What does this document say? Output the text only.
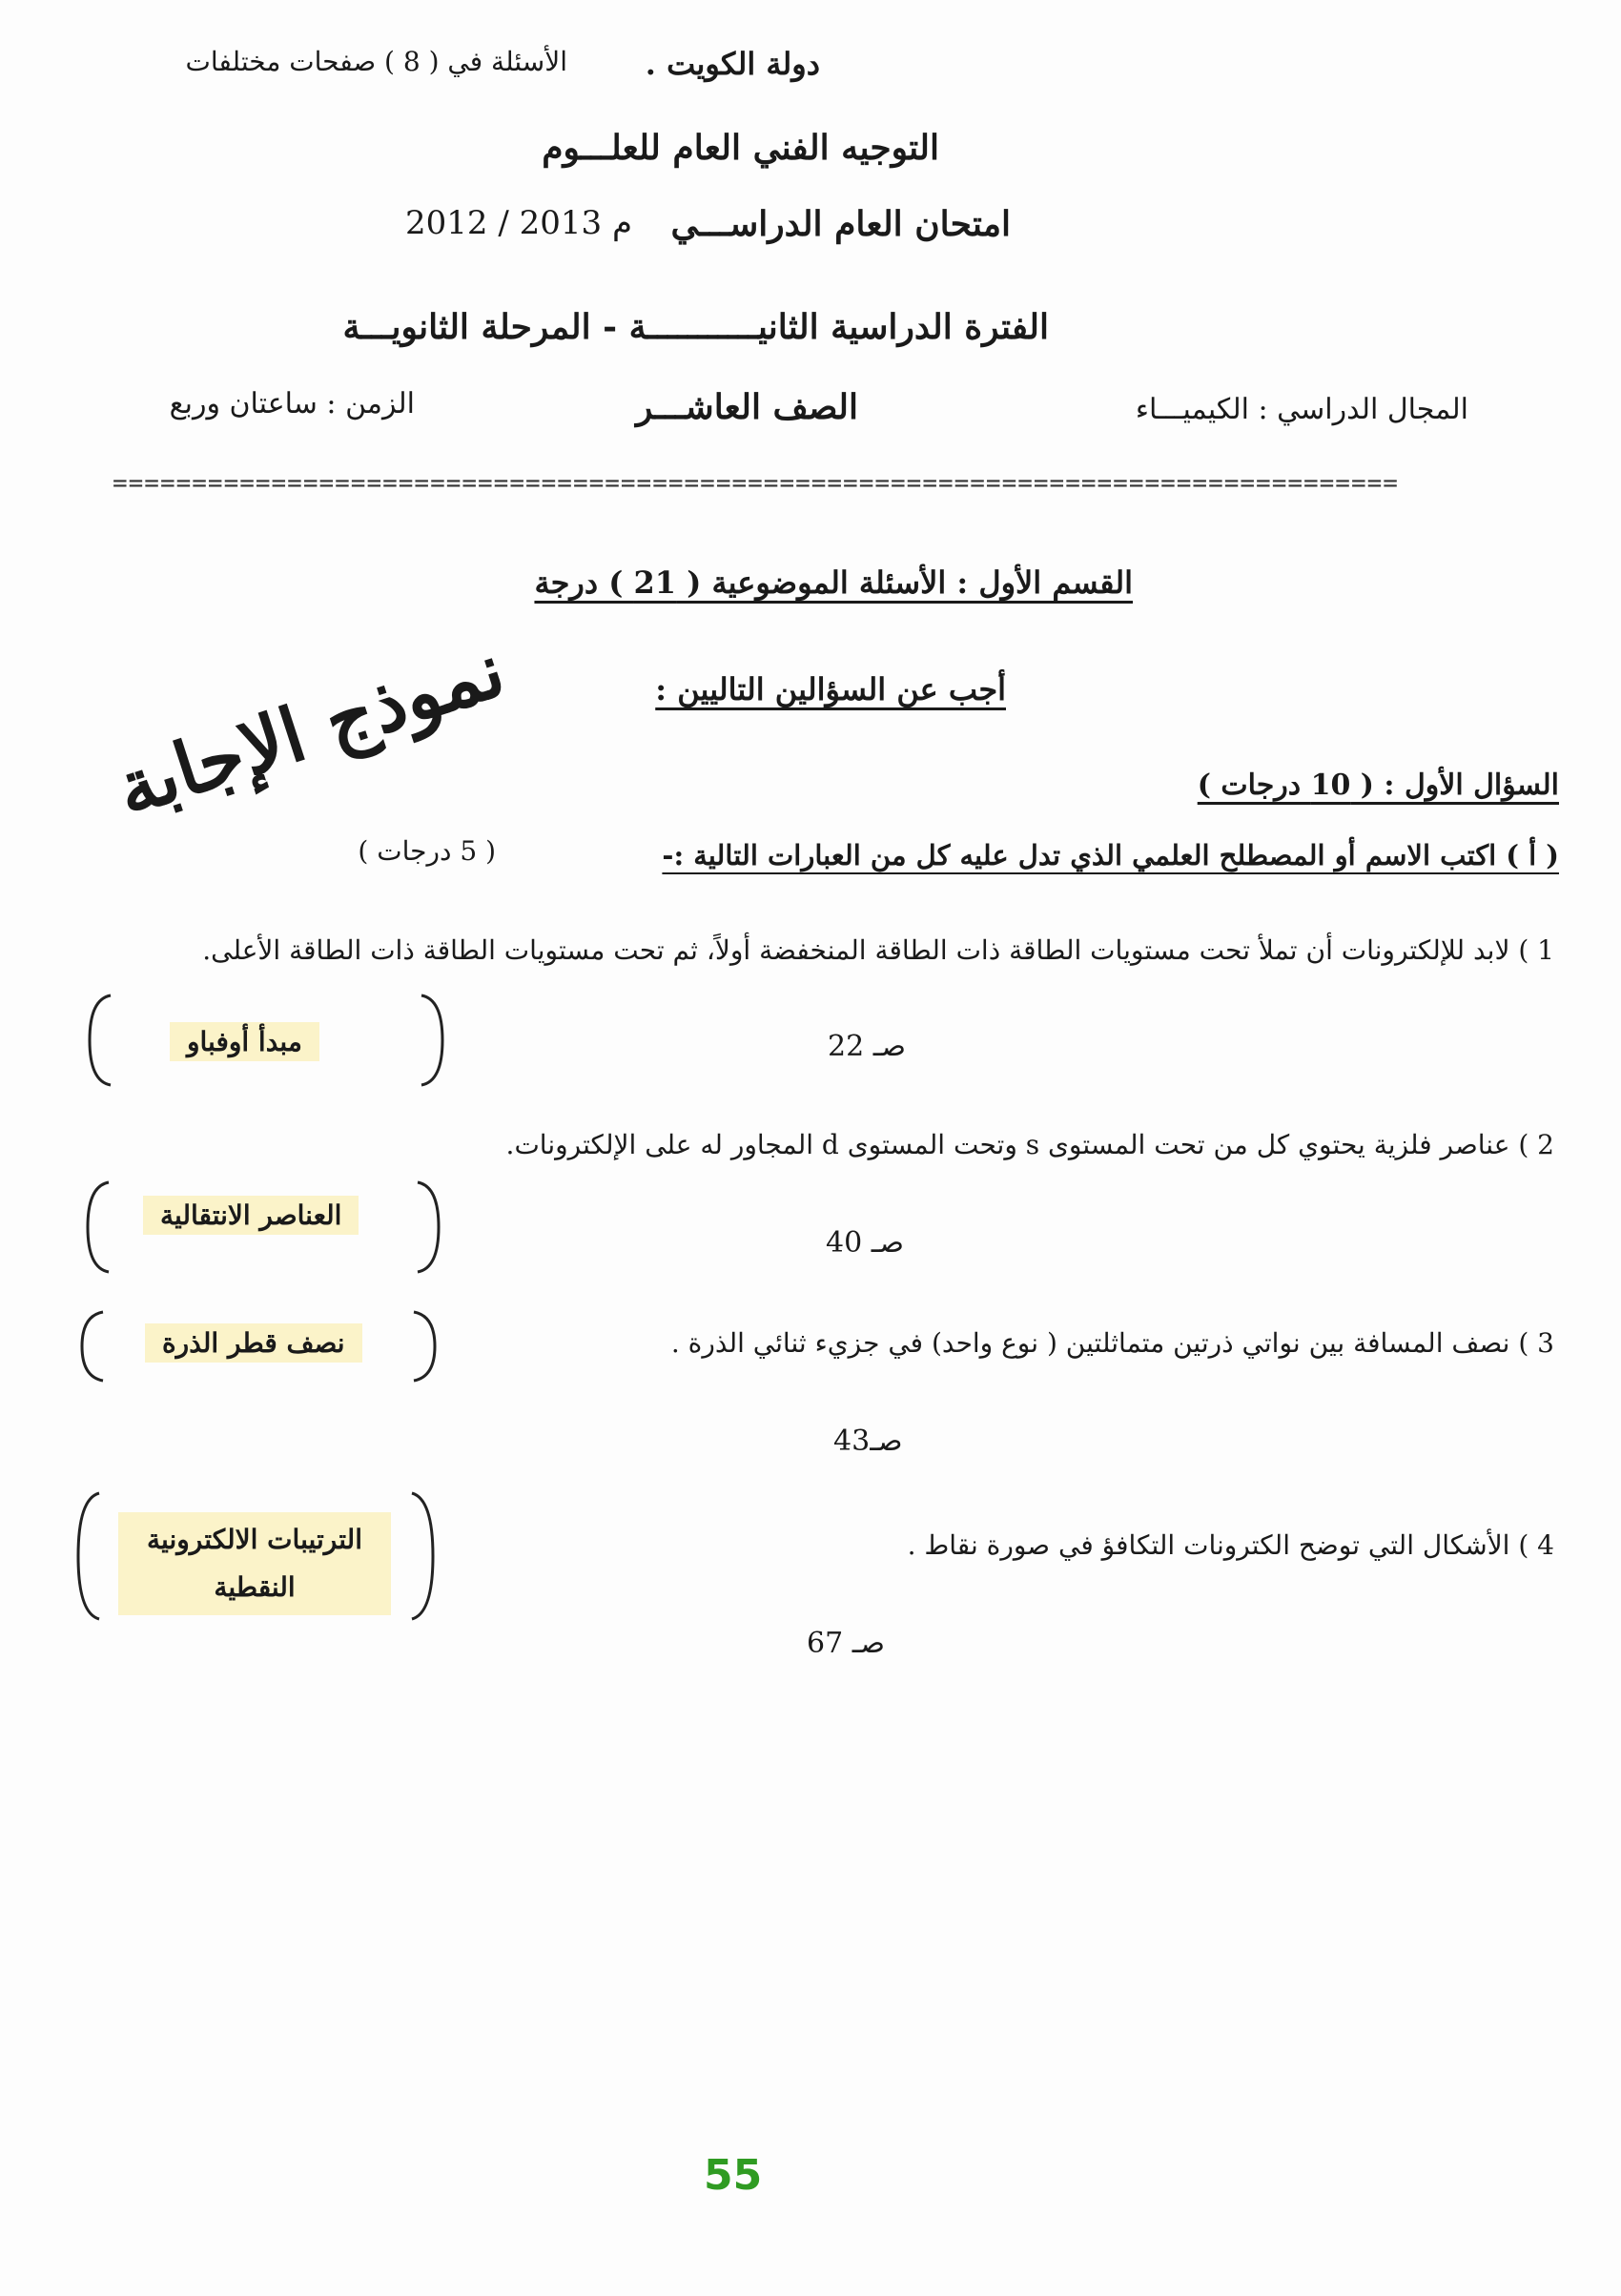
دولة الكويت .
الأسئلة في ( 8 ) صفحات مختلفات
التوجيه الفني العام للعلـــوم
امتحان العام الدراســـي
2012 / 2013 م
الفترة الدراسية الثانيـــــــــــة - المرحلة الثانويـــة
المجال الدراسي : الكيميـــاء
الصف العاشـــر
الزمن : ساعتان وربع
=================================================================================
القسم الأول : الأسئلة الموضوعية ( 21 ) درجة
أجب عن السؤالين التاليين :
نموذج الإجابة	السؤال الأول : ( 10 درجات )
( أ ) اكتب الاسم أو المصطلح العلمي الذي تدل عليه كل من العبارات التالية :-
( 5 درجات )
1 ) لابد للإلكترونات أن تملأ تحت مستويات الطاقة ذات الطاقة المنخفضة أولاً، ثم تحت مستويات الطاقة ذات الطاقة الأعلى.
مبدأ أوفباو	صـ 22
2 ) عناصر فلزية يحتوي كل من تحت المستوى s وتحت المستوى d المجاور له على الإلكترونات.
العناصر الانتقالية
صـ 40
نصف قطر الذرة	3 ) نصف المسافة بين نواتي ذرتين متماثلتين ( نوع واحد) في جزيء ثنائي الذرة .
صـ43
الترتيبات الالكترونية النقطية
4 ) الأشكال التي توضح الكترونات التكافؤ في صورة نقاط .
صـ 67
55
